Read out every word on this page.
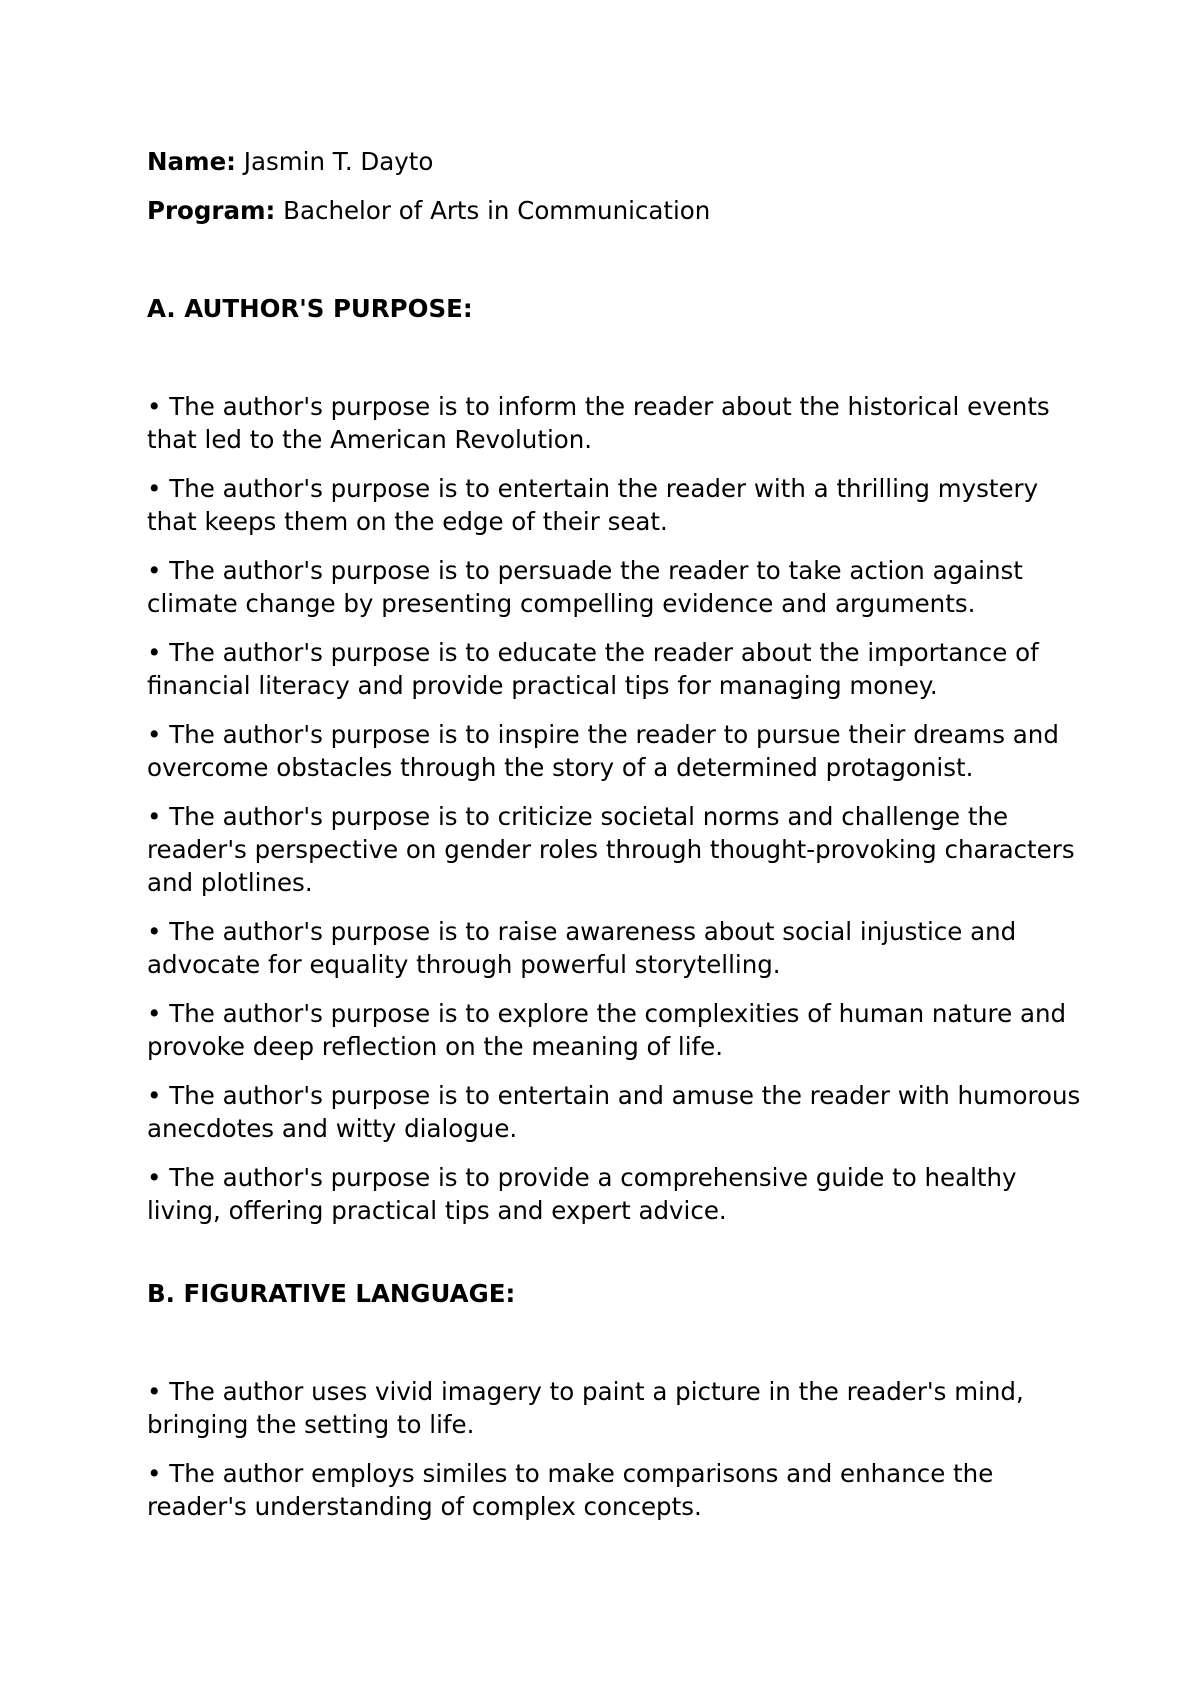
Name: Jasmin T. Dayto

Program: Bachelor of Arts in Communication

A. AUTHOR'S PURPOSE:

• The author's purpose is to inform the reader about the historical events that led to the American Revolution.
• The author's purpose is to entertain the reader with a thrilling mystery that keeps them on the edge of their seat.
• The author's purpose is to persuade the reader to take action against climate change by presenting compelling evidence and arguments.
• The author's purpose is to educate the reader about the importance of financial literacy and provide practical tips for managing money.
• The author's purpose is to inspire the reader to pursue their dreams and overcome obstacles through the story of a determined protagonist.
• The author's purpose is to criticize societal norms and challenge the reader's perspective on gender roles through thought-provoking characters and plotlines.
• The author's purpose is to raise awareness about social injustice and advocate for equality through powerful storytelling.
• The author's purpose is to explore the complexities of human nature and provoke deep reflection on the meaning of life.
• The author's purpose is to entertain and amuse the reader with humorous anecdotes and witty dialogue.
• The author's purpose is to provide a comprehensive guide to healthy living, offering practical tips and expert advice.

B. FIGURATIVE LANGUAGE:

• The author uses vivid imagery to paint a picture in the reader's mind, bringing the setting to life.
• The author employs similes to make comparisons and enhance the reader's understanding of complex concepts.
